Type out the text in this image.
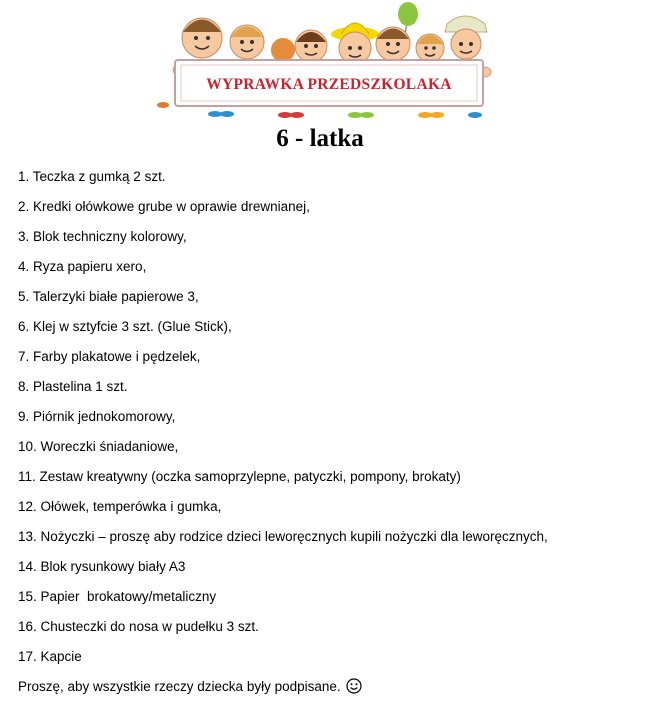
WYPRAWKA PRZEDSZKOLAKA
6 - latka
1. Teczka z gumką 2 szt.
2. Kredki ołówkowe grube w oprawie drewnianej,
3. Blok techniczny kolorowy,
4. Ryza papieru xero,
5. Talerzyki białe papierowe 3,
6. Klej w sztyfcie 3 szt. (Glue Stick),
7. Farby plakatowe i pędzelek,
8. Plastelina 1 szt.
9. Piórnik jednokomorowy,
10. Woreczki śniadaniowe,
11. Zestaw kreatywny (oczka samoprzylepne, patyczki, pompony, brokaty)
12. Ołówek, temperówka i gumka,
13. Nożyczki – proszę aby rodzice dzieci leworęcznych kupili nożyczki dla leworęcznych,
14. Blok rysunkowy biały A3
15. Papier  brokatowy/metaliczny
16. Chusteczki do nosa w pudełku 3 szt.
17. Kapcie
Proszę, aby wszystkie rzeczy dziecka były podpisane.
